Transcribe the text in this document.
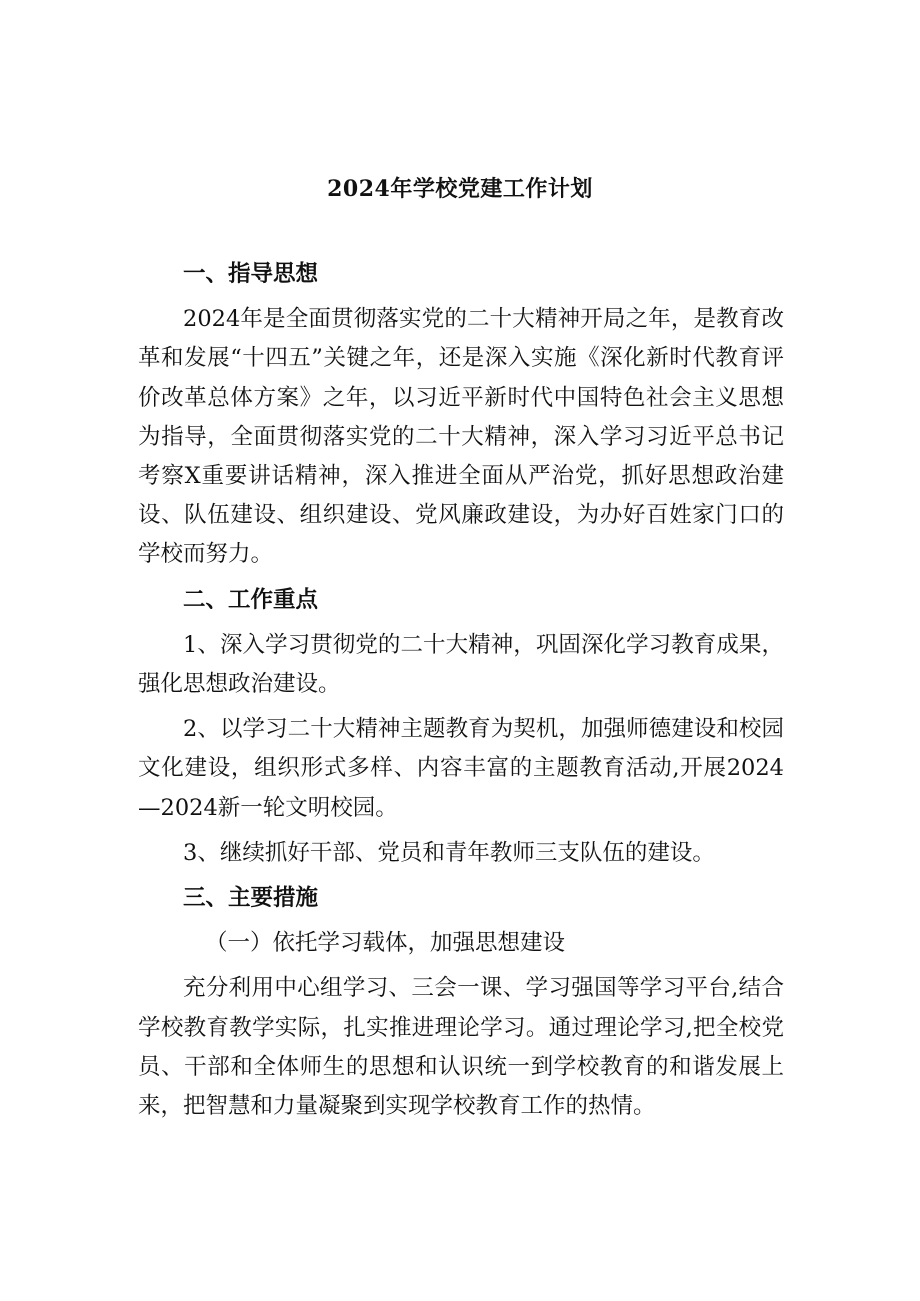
2024年学校党建工作计划

一、指导思想

2024年是全面贯彻落实党的二十大精神开局之年，是教育改革和发展“十四五”关键之年，还是深入实施《深化新时代教育评价改革总体方案》之年，以习近平新时代中国特色社会主义思想为指导，全面贯彻落实党的二十大精神，深入学习习近平总书记考察X重要讲话精神，深入推进全面从严治党，抓好思想政治建设、队伍建设、组织建设、党风廉政建设，为办好百姓家门口的学校而努力。

二、工作重点

1、深入学习贯彻党的二十大精神，巩固深化学习教育成果，强化思想政治建设。

2、以学习二十大精神主题教育为契机，加强师德建设和校园文化建设，组织形式多样、内容丰富的主题教育活动,开展2024—2024新一轮文明校园。

3、继续抓好干部、党员和青年教师三支队伍的建设。

三、主要措施

（一）依托学习载体，加强思想建设

充分利用中心组学习、三会一课、学习强国等学习平台,结合学校教育教学实际，扎实推进理论学习。通过理论学习,把全校党员、干部和全体师生的思想和认识统一到学校教育的和谐发展上来，把智慧和力量凝聚到实现学校教育工作的热情。
